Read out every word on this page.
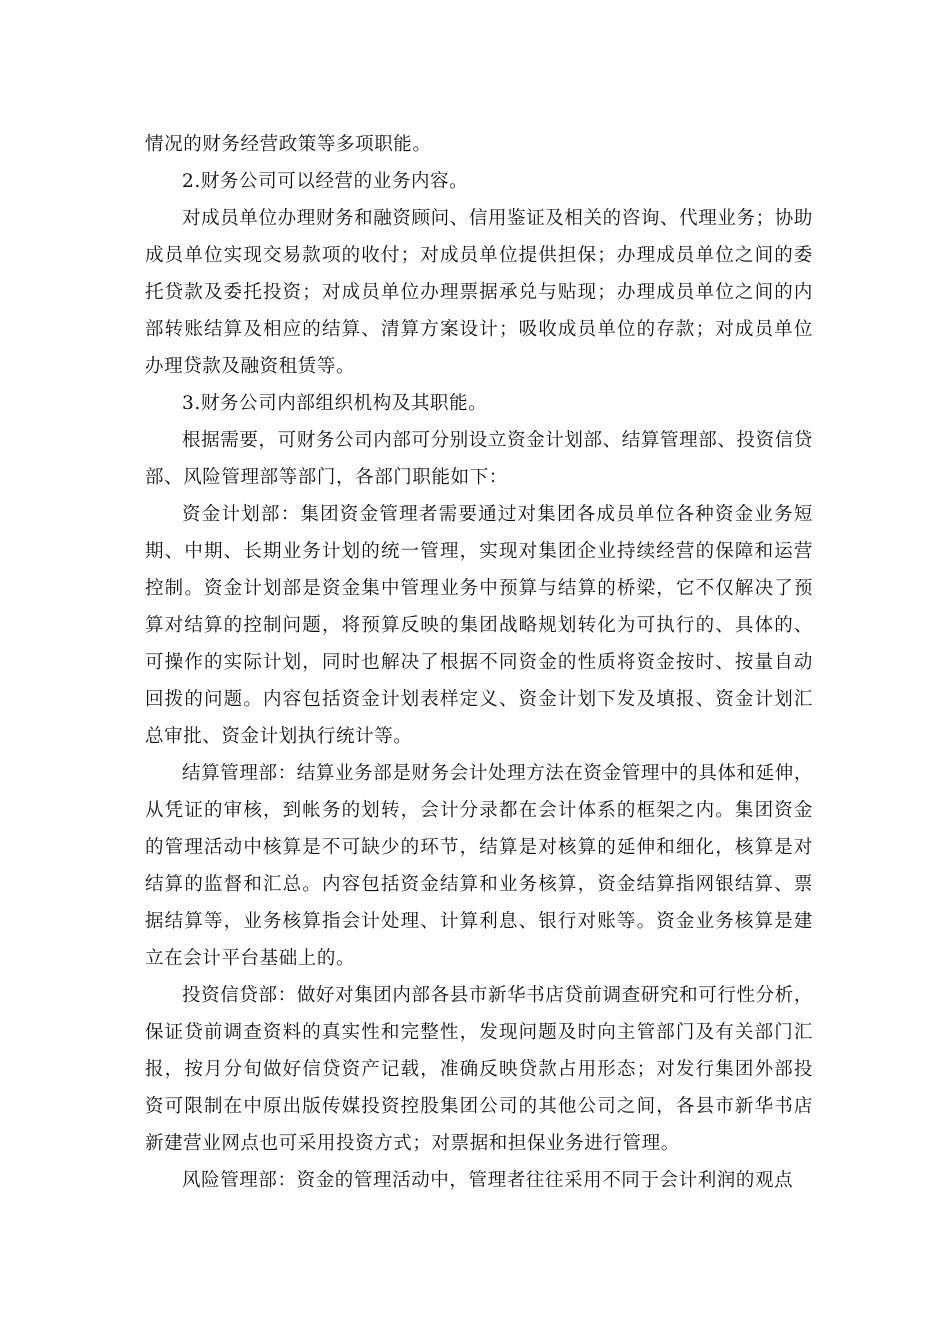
情况的财务经营政策等多项职能。

2.财务公司可以经营的业务内容。

对成员单位办理财务和融资顾问、信用鉴证及相关的咨询、代理业务；协助成员单位实现交易款项的收付；对成员单位提供担保；办理成员单位之间的委托贷款及委托投资；对成员单位办理票据承兑与贴现；办理成员单位之间的内部转账结算及相应的结算、清算方案设计；吸收成员单位的存款；对成员单位办理贷款及融资租赁等。

3.财务公司内部组织机构及其职能。

根据需要，可财务公司内部可分别设立资金计划部、结算管理部、投资信贷部、风险管理部等部门，各部门职能如下：

资金计划部：集团资金管理者需要通过对集团各成员单位各种资金业务短期、中期、长期业务计划的统一管理，实现对集团企业持续经营的保障和运营控制。资金计划部是资金集中管理业务中预算与结算的桥梁，它不仅解决了预算对结算的控制问题，将预算反映的集团战略规划转化为可执行的、具体的、可操作的实际计划，同时也解决了根据不同资金的性质将资金按时、按量自动回拨的问题。内容包括资金计划表样定义、资金计划下发及填报、资金计划汇总审批、资金计划执行统计等。

结算管理部：结算业务部是财务会计处理方法在资金管理中的具体和延伸，从凭证的审核，到帐务的划转，会计分录都在会计体系的框架之内。集团资金的管理活动中核算是不可缺少的环节，结算是对核算的延伸和细化，核算是对结算的监督和汇总。内容包括资金结算和业务核算，资金结算指网银结算、票据结算等，业务核算指会计处理、计算利息、银行对账等。资金业务核算是建立在会计平台基础上的。

投资信贷部：做好对集团内部各县市新华书店贷前调查研究和可行性分析，保证贷前调查资料的真实性和完整性，发现问题及时向主管部门及有关部门汇报，按月分旬做好信贷资产记载，准确反映贷款占用形态；对发行集团外部投资可限制在中原出版传媒投资控股集团公司的其他公司之间，各县市新华书店新建营业网点也可采用投资方式；对票据和担保业务进行管理。

风险管理部：资金的管理活动中，管理者往往采用不同于会计利润的观点
